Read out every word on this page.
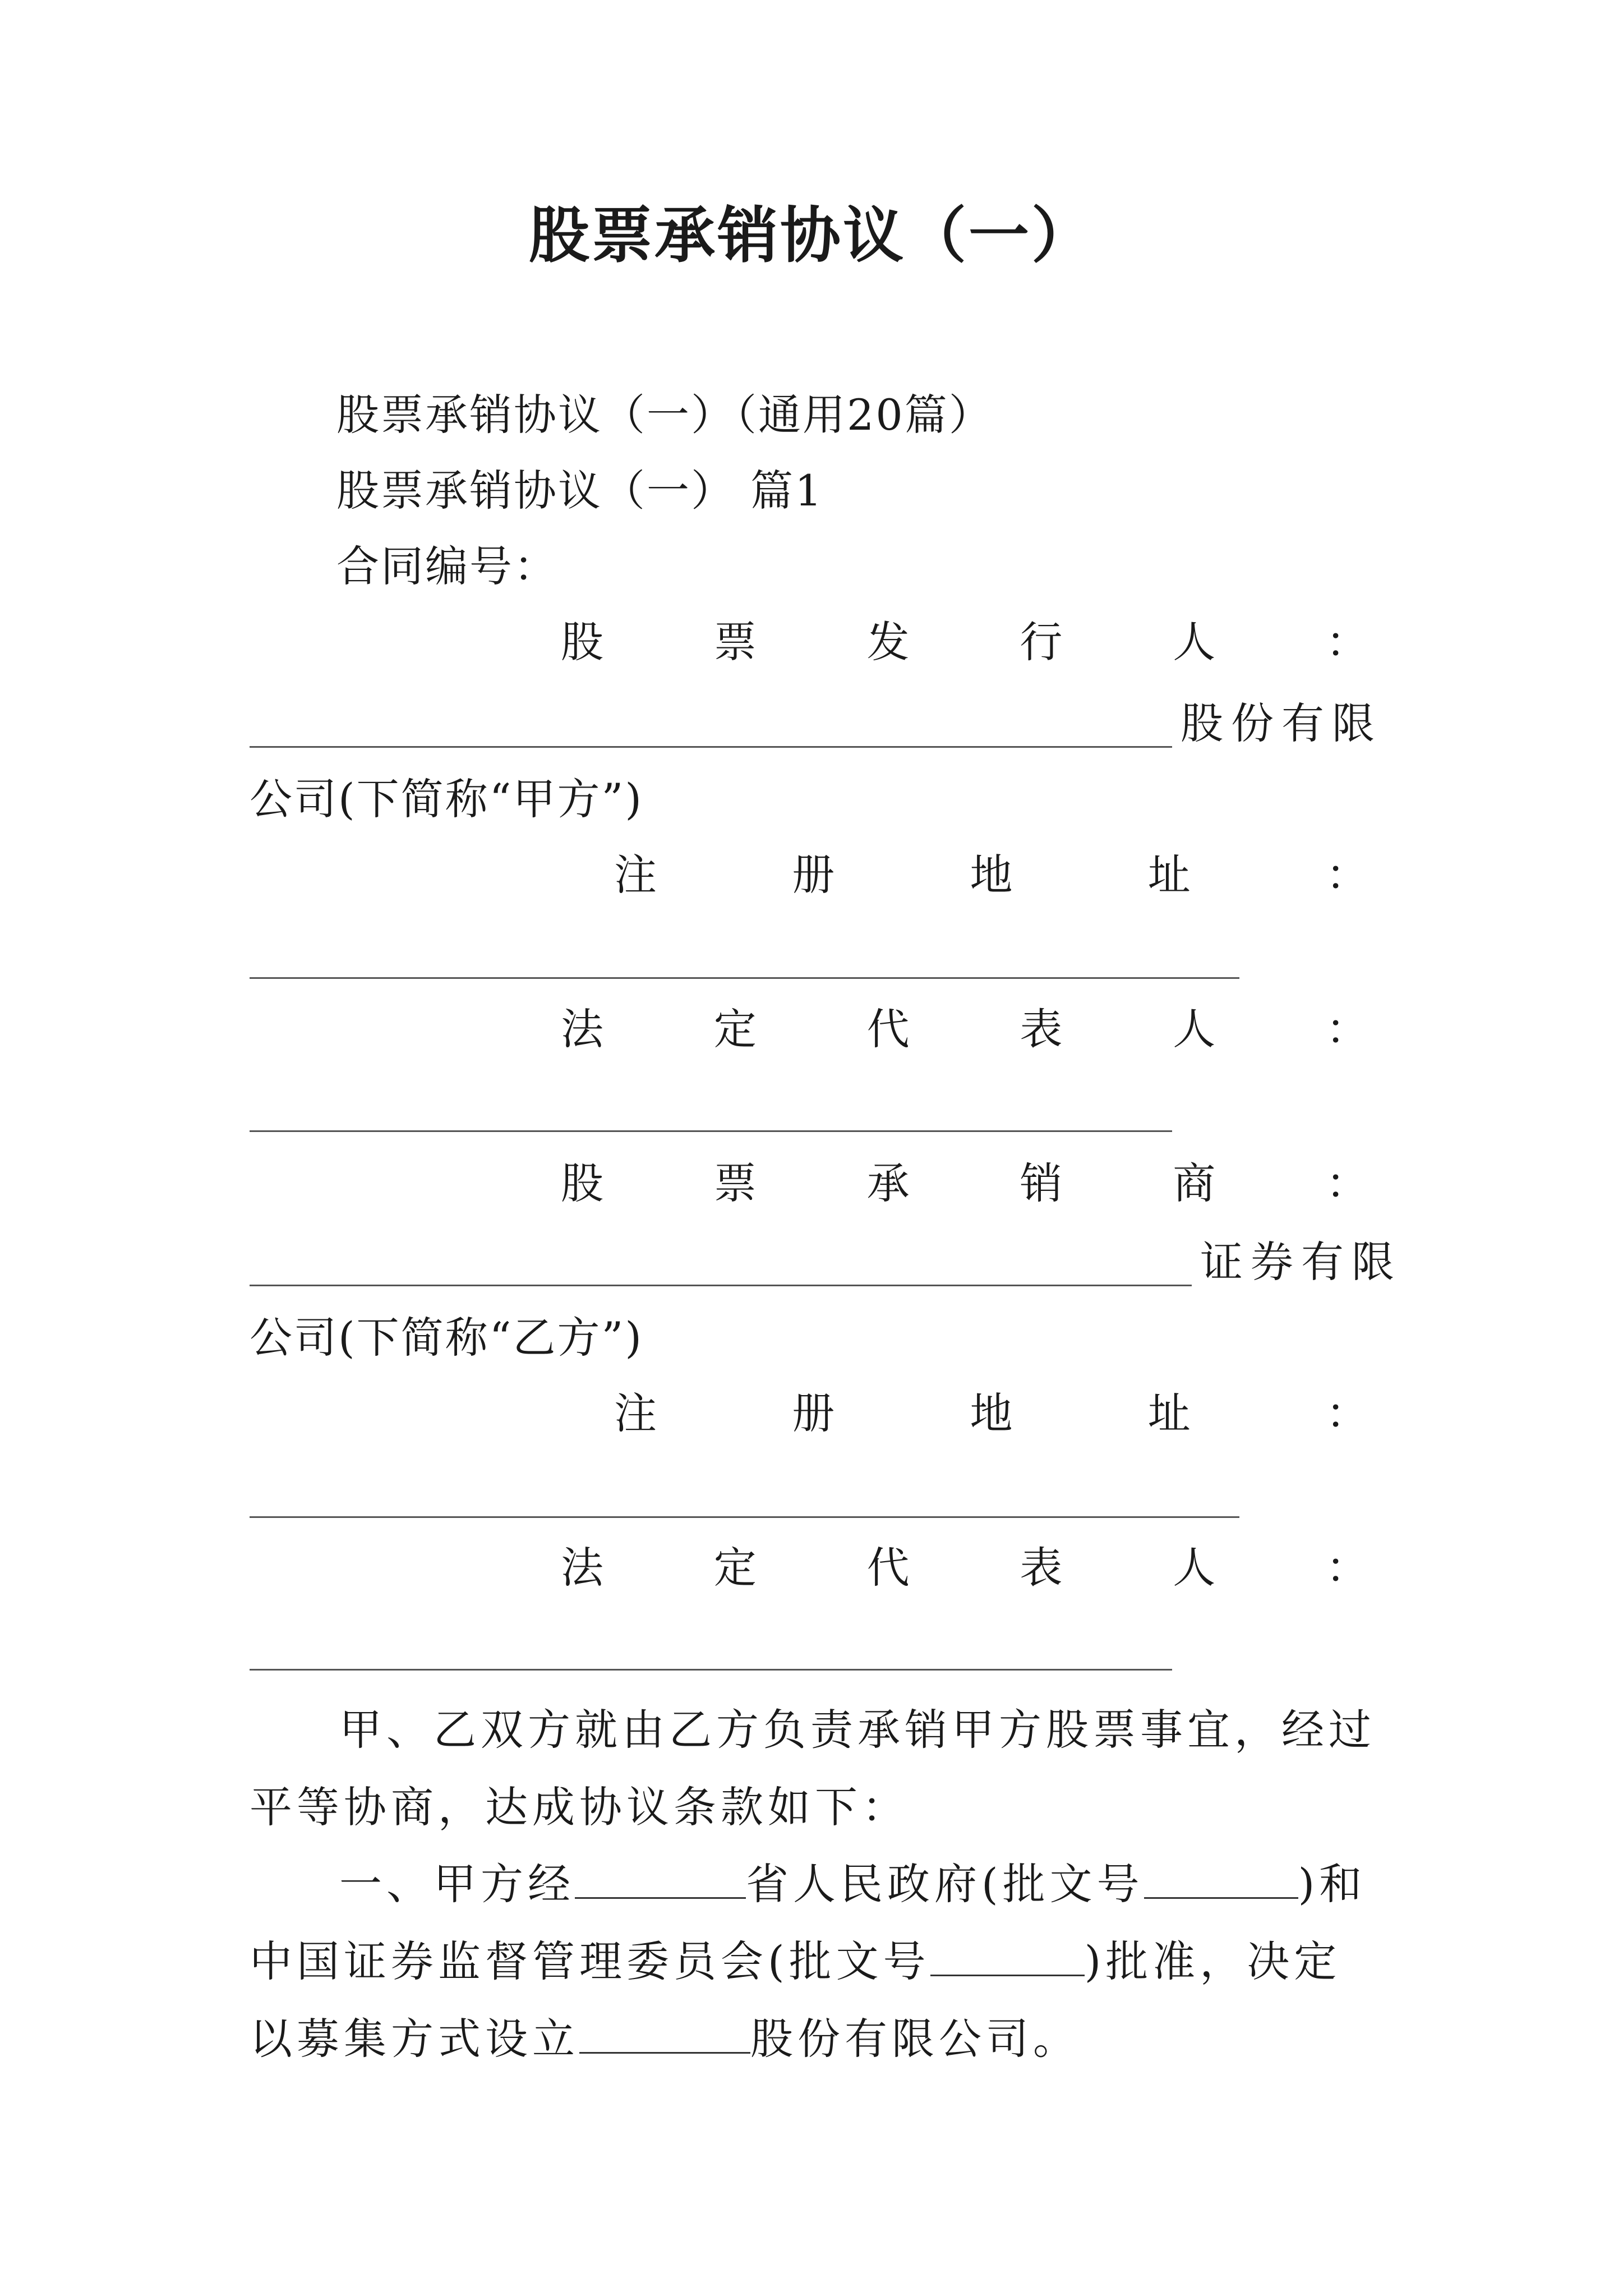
股票承销协议（一）
股票承销协议（一）（通用20篇）
股票承销协议（一） 篇1
合同编号：
股	票	发	行	人	：
股份有限
公司(下简称“甲方”)
注	册	地	址	：
法	定	代	表	人	：
股	票	承	销	商	：
证券有限
公司(下简称“乙方”)
注	册	地	址	：
法	定	代	表	人	：
甲、乙双方就由乙方负责承销甲方股票事宜，经过平等协商，达成协议条款如下：
一、甲方经	省人民政府(批文号	)和中国证券监督管理委员会(批文号	)批准，决定以募集方式设立	股份有限公司。
